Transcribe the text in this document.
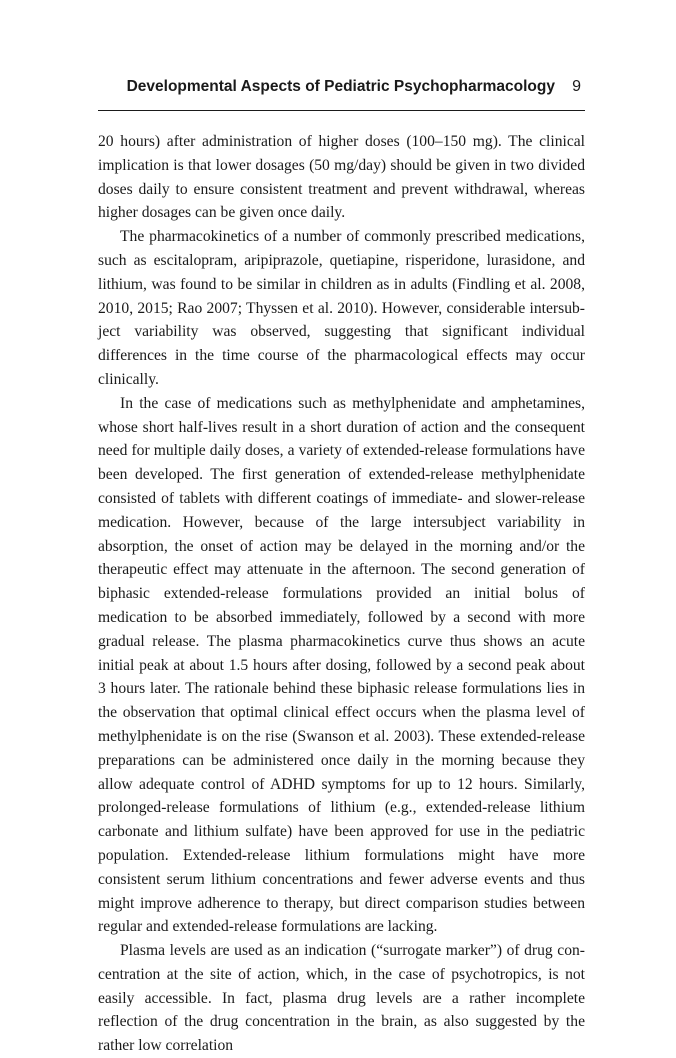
Developmental Aspects of Pediatric Psychopharmacology 9

20 hours) after administration of higher doses (100–150 mg). The clinical implication is that lower dosages (50 mg/day) should be given in two divided doses daily to ensure consistent treatment and prevent withdrawal, whereas higher dosages can be given once daily.

The pharmacokinetics of a number of commonly prescribed medications, such as escitalopram, aripiprazole, quetiapine, risperidone, lurasidone, and lithium, was found to be similar in children as in adults (Findling et al. 2008, 2010, 2015; Rao 2007; Thyssen et al. 2010). However, considerable intersubject variability was observed, suggesting that significant individual differences in the time course of the pharmacological effects may occur clinically.

In the case of medications such as methylphenidate and amphetamines, whose short half-lives result in a short duration of action and the consequent need for multiple daily doses, a variety of extended-release formulations have been developed. The first generation of extended-release methylphenidate consisted of tablets with different coatings of immediate- and slower-release medication. However, because of the large intersubject variability in absorption, the onset of action may be delayed in the morning and/or the therapeutic effect may attenuate in the afternoon. The second generation of biphasic extended-release formulations provided an initial bolus of medication to be absorbed immediately, followed by a second with more gradual release. The plasma pharmacokinetics curve thus shows an acute initial peak at about 1.5 hours after dosing, followed by a second peak about 3 hours later. The rationale behind these biphasic release formulations lies in the observation that optimal clinical effect occurs when the plasma level of methylphenidate is on the rise (Swanson et al. 2003). These extended-release preparations can be administered once daily in the morning because they allow adequate control of ADHD symptoms for up to 12 hours. Similarly, prolonged-release formulations of lithium (e.g., extended-release lithium carbonate and lithium sulfate) have been approved for use in the pediatric population. Extended-release lithium formulations might have more consistent serum lithium concentrations and fewer adverse events and thus might improve adherence to therapy, but direct comparison studies between regular and extended-release formulations are lacking.

Plasma levels are used as an indication (“surrogate marker”) of drug concentration at the site of action, which, in the case of psychotropics, is not easily accessible. In fact, plasma drug levels are a rather incomplete reflection of the drug concentration in the brain, as also suggested by the rather low correlation
